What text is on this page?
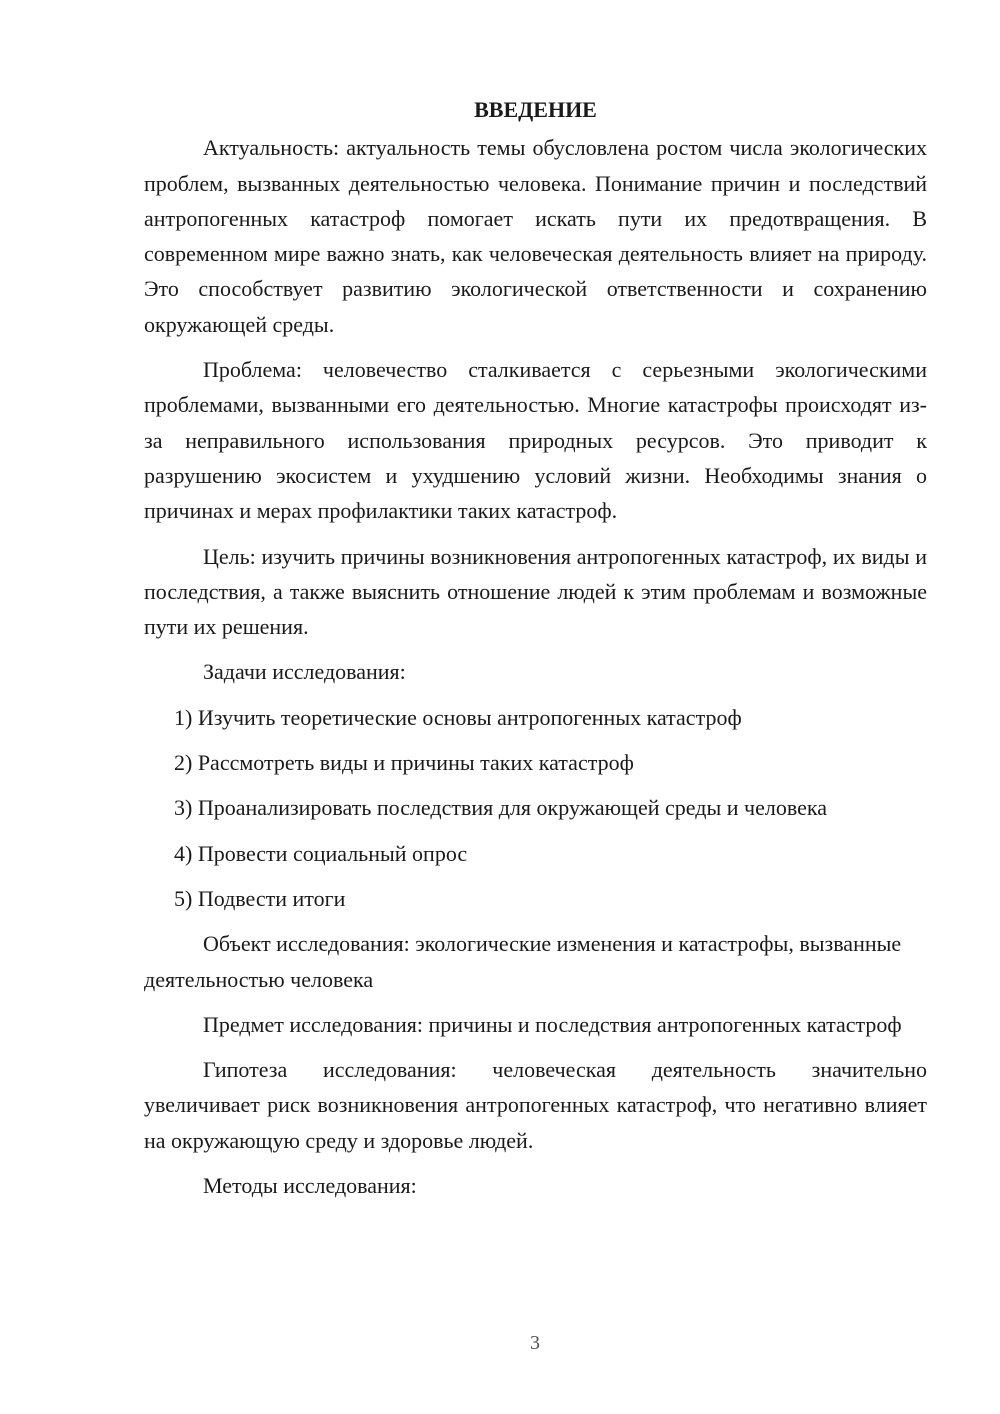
ВВЕДЕНИЕ

Актуальность: актуальность темы обусловлена ростом числа экологических проблем, вызванных деятельностью человека. Понимание причин и последствий антропогенных катастроф помогает искать пути их предотвращения. В современном мире важно знать, как человеческая деятельность влияет на природу. Это способствует развитию экологической ответственности и сохранению окружающей среды.

Проблема: человечество сталкивается с серьезными экологическими проблемами, вызванными его деятельностью. Многие катастрофы происходят из-за неправильного использования природных ресурсов. Это приводит к разрушению экосистем и ухудшению условий жизни. Необходимы знания о причинах и мерах профилактики таких катастроф.

Цель: изучить причины возникновения антропогенных катастроф, их виды и последствия, а также выяснить отношение людей к этим проблемам и возможные пути их решения.

Задачи исследования:

1) Изучить теоретические основы антропогенных катастроф

2) Рассмотреть виды и причины таких катастроф

3) Проанализировать последствия для окружающей среды и человека

4) Провести социальный опрос

5) Подвести итоги

Объект исследования: экологические изменения и катастрофы, вызванные деятельностью человека

Предмет исследования: причины и последствия антропогенных катастроф

Гипотеза исследования: человеческая деятельность значительно увеличивает риск возникновения антропогенных катастроф, что негативно влияет на окружающую среду и здоровье людей.

Методы исследования:

3
